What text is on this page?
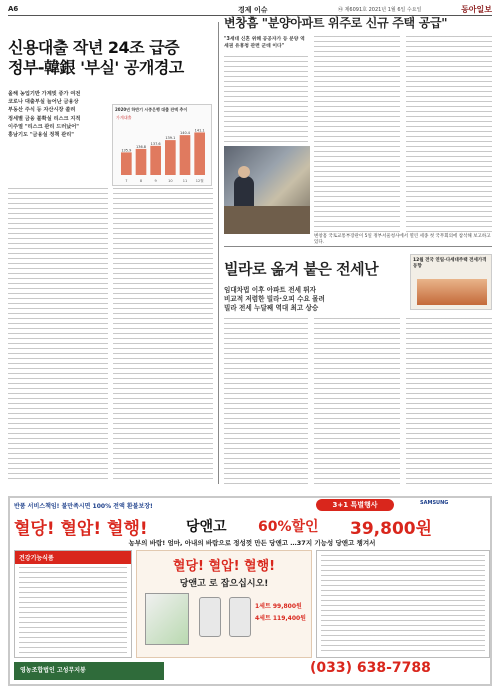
A6	경제 이슈	㉰ 제6091호 2021년 1월 6일 수요일	동아일보
신용대출 작년 24조 급증
정부-韓銀 '부실' 공개경고
올해 농업기반 가계빚 증가 여전
코로나 대출부실 늘어난 금융상
부동산 주식 등 자산시장 쏠려
정세별 금융 불확실 리스크 지적
이주열 "리스크 관리 드러났어"
홍남기도 "금융실 정책 관리"
2020년 하반기 시중은행 대출 잔액 추이
가계대출
135.9
7
136.8
8
137.6
9
139.1
10
140.4
11
141.1
12월
변창흠 "분양아파트 위주로 신규 주택 공급"
"3세대 신혼 위해 공공자가 등 분양 역세권 유휴청 관련 군데 이다"
변창흠 국토교통부장관이 5일 정부서울청사에서 열린 세종 첫 국무회의에 참석해 보고하고 있다.
빌라로 옮겨 붙은 전세난	12월 전국 연립·다세대주택 전세가격 동향
임대차법 이후 아파트 전세 뛰자
비교적 저렴한 빌라·오피 수요 몰려
빌라 전세 누달째 역대 최고 상승
반품 서비스책임! 불만족시면 100% 전액 환불보장!	3+1 특별행사	SAMSUNG
혈당! 혈압! 혈행!	당앤고 60%할인 39,800원
농부의 바람! 엄마, 아내의 바람으로 정성껏 만든 당앤고 …37지 기능성 당앤고 챙겨서
건강기능식품
혈당! 혈압! 혈행!
당앤고 로 잡으십시오!
1세트 99,800원
4세트 119,400원
영농조합법인 고성무지봉	(033) 638-7788
